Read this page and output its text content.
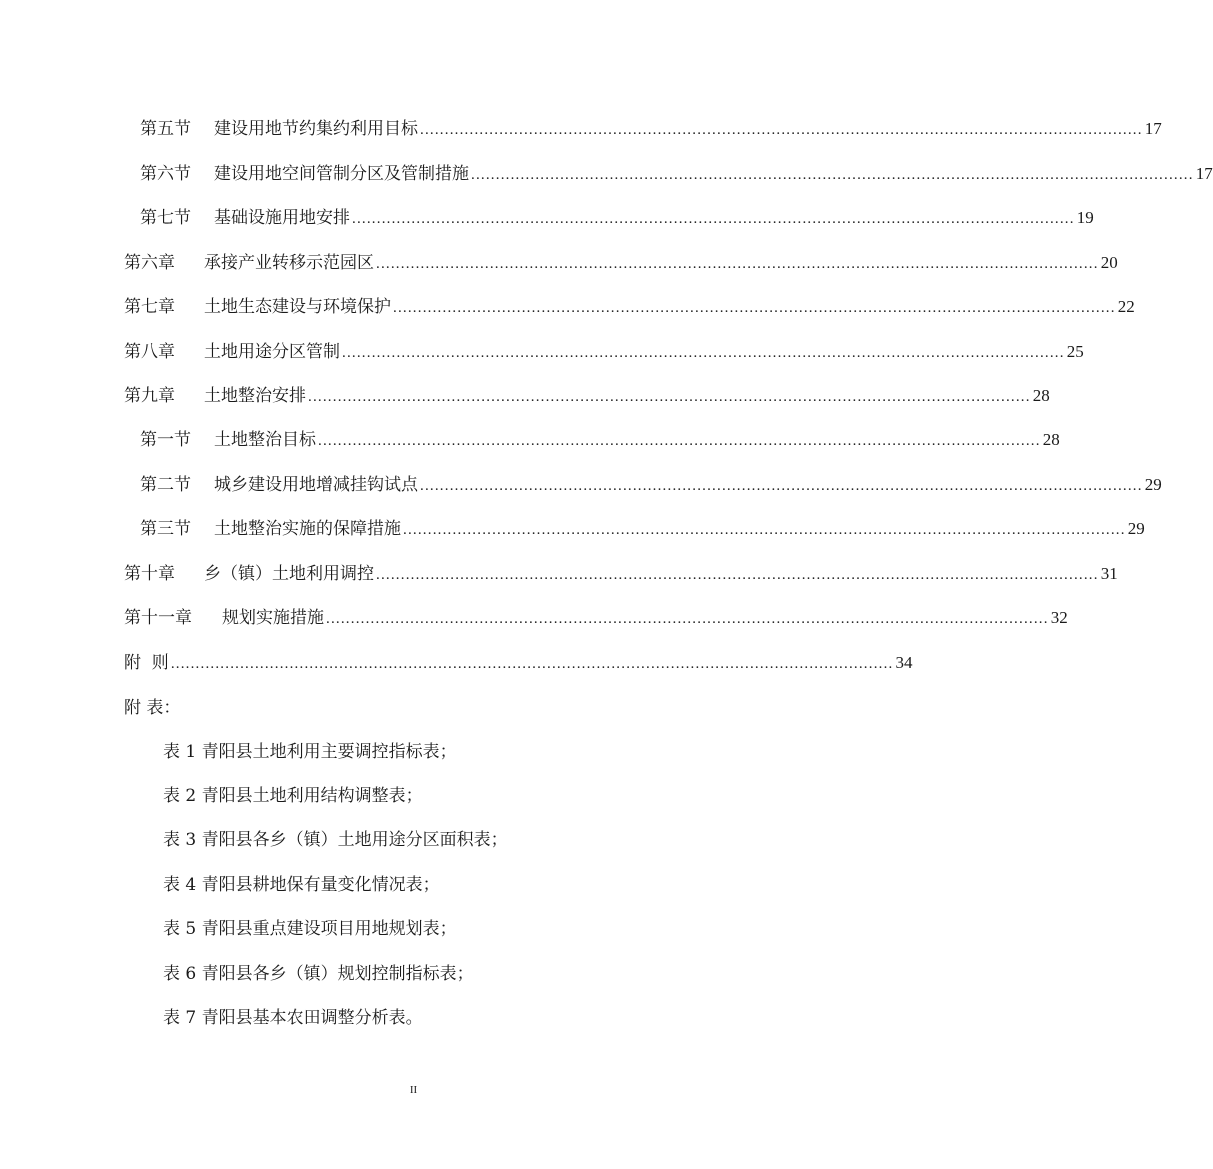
第五节 建设用地节约集约利用目标 .................................................................................................................................................. 17
第六节 建设用地空间管制分区及管制措施 .................................................................................................................................................. 17
第七节 基础设施用地安排 .................................................................................................................................................. 19
第六章 承接产业转移示范园区 .................................................................................................................................................. 20
第七章 土地生态建设与环境保护 .................................................................................................................................................. 22
第八章 土地用途分区管制 .................................................................................................................................................. 25
第九章 土地整治安排 .................................................................................................................................................. 28
第一节 土地整治目标 .................................................................................................................................................. 28
第二节 城乡建设用地增减挂钩试点 .................................................................................................................................................. 29
第三节 土地整治实施的保障措施 .................................................................................................................................................. 29
第十章 乡（镇）土地利用调控 .................................................................................................................................................. 31
第十一章 规划实施措施 .................................................................................................................................................. 32
附  则 .................................................................................................................................................. 34
附 表：
表 1 青阳县土地利用主要调控指标表；
表 2 青阳县土地利用结构调整表；
表 3 青阳县各乡（镇）土地用途分区面积表；
表 4 青阳县耕地保有量变化情况表；
表 5 青阳县重点建设项目用地规划表；
表 6 青阳县各乡（镇）规划控制指标表；
表 7 青阳县基本农田调整分析表。
II
